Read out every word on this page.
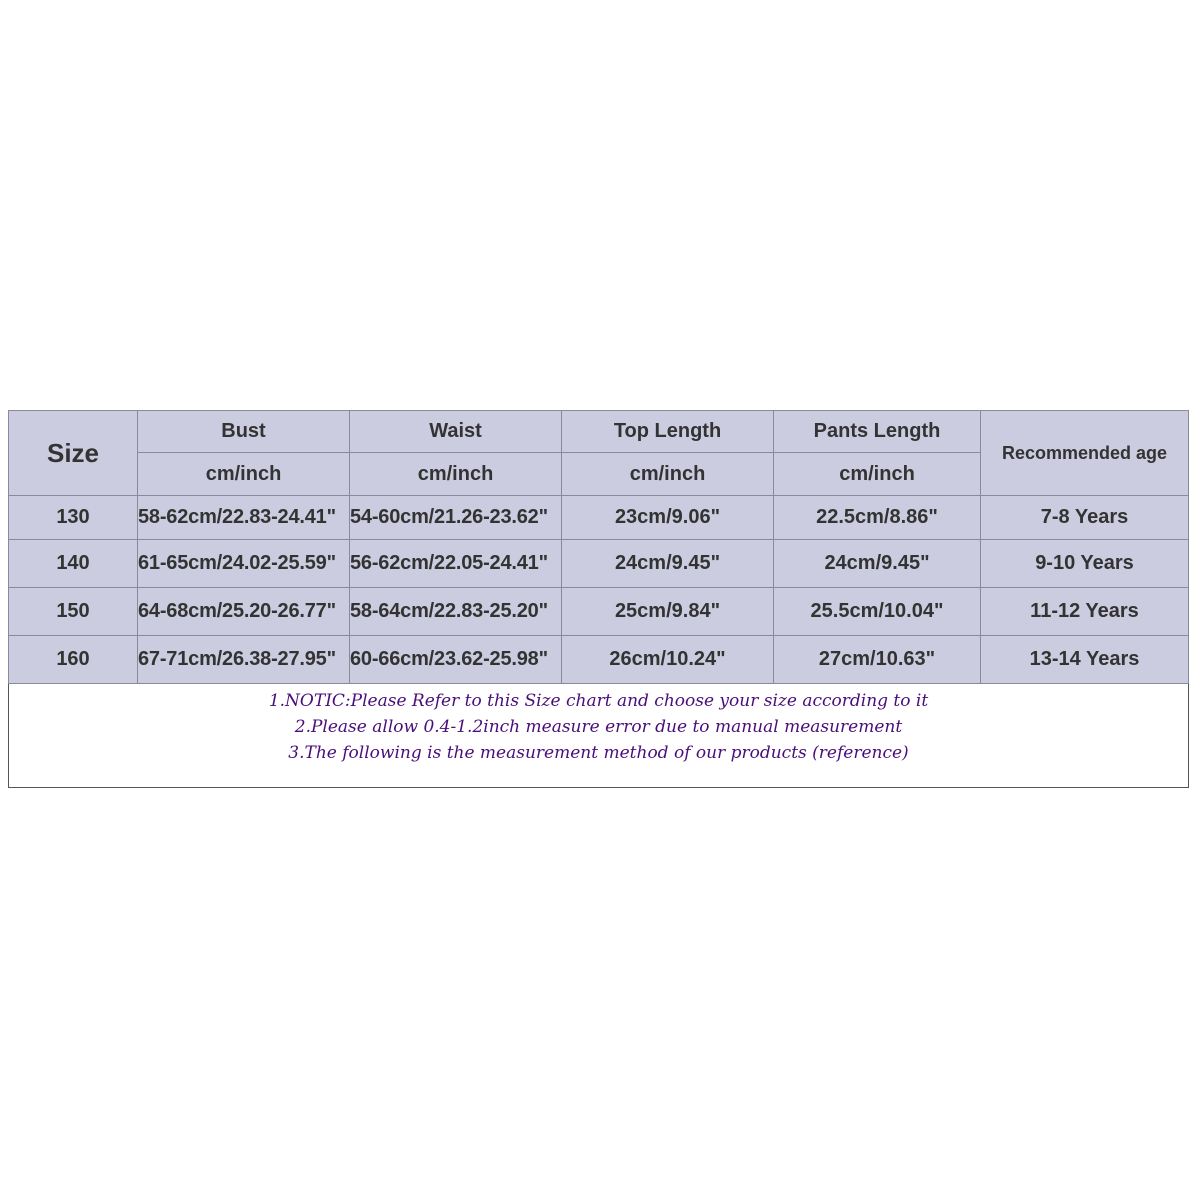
Size	Bust	Waist	Top Length	Pants Length	Recommended age
	cm/inch	cm/inch	cm/inch	cm/inch	
130	58-62cm/22.83-24.41"	54-60cm/21.26-23.62"	23cm/9.06"	22.5cm/8.86"	7-8 Years
140	61-65cm/24.02-25.59"	56-62cm/22.05-24.41"	24cm/9.45"	24cm/9.45"	9-10 Years
150	64-68cm/25.20-26.77"	58-64cm/22.83-25.20"	25cm/9.84"	25.5cm/10.04"	11-12 Years
160	67-71cm/26.38-27.95"	60-66cm/23.62-25.98"	26cm/10.24"	27cm/10.63"	13-14 Years

1.NOTIC:Please Refer to this Size chart and choose your size according to it
2.Please allow 0.4-1.2inch measure error due to manual measurement
3.The following is the measurement method of our products (reference)					
